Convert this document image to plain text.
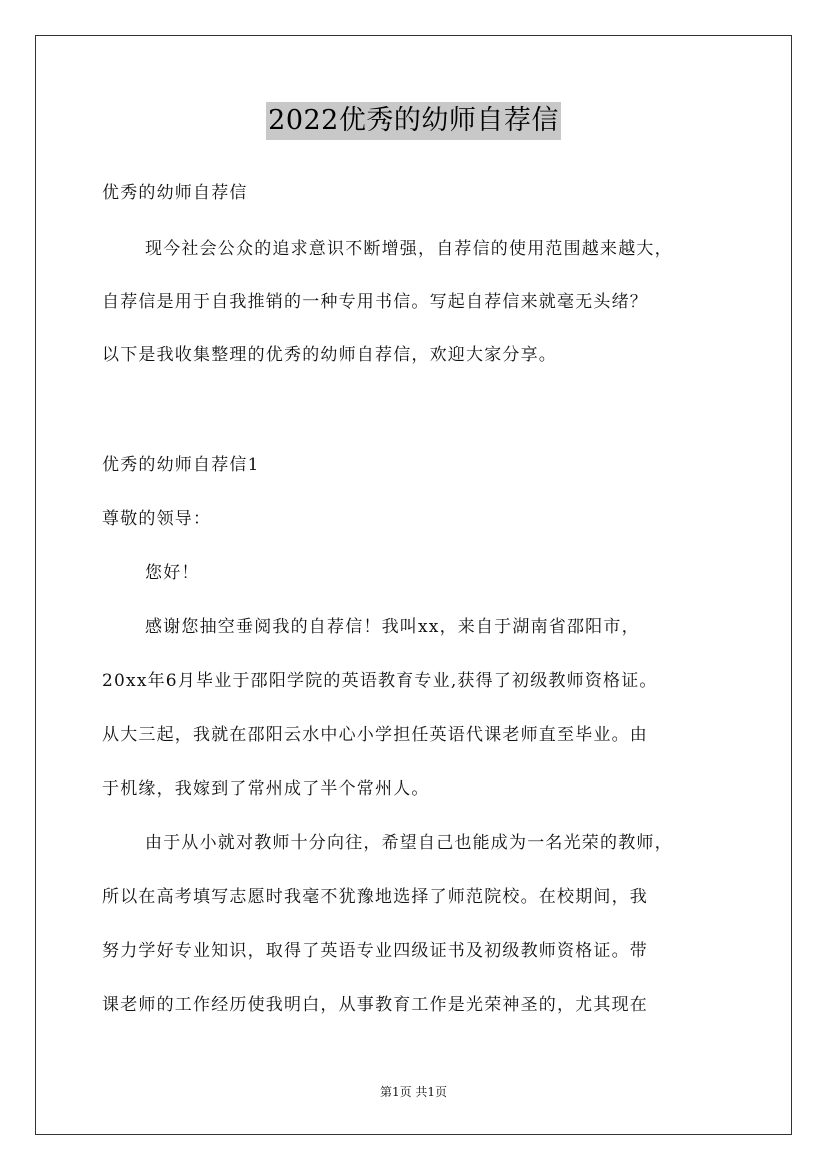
2022优秀的幼师自荐信
优秀的幼师自荐信
现今社会公众的追求意识不断增强，自荐信的使用范围越来越大，
自荐信是用于自我推销的一种专用书信。写起自荐信来就毫无头绪？
以下是我收集整理的优秀的幼师自荐信，欢迎大家分享。
优秀的幼师自荐信1
尊敬的领导：
您好！
感谢您抽空垂阅我的自荐信！我叫xx，来自于湖南省邵阳市，
20xx年6月毕业于邵阳学院的英语教育专业,获得了初级教师资格证。
从大三起，我就在邵阳云水中心小学担任英语代课老师直至毕业。由
于机缘，我嫁到了常州成了半个常州人。
由于从小就对教师十分向往，希望自己也能成为一名光荣的教师，
所以在高考填写志愿时我毫不犹豫地选择了师范院校。在校期间，我
努力学好专业知识，取得了英语专业四级证书及初级教师资格证。带
课老师的工作经历使我明白，从事教育工作是光荣神圣的，尤其现在
第1页 共1页
